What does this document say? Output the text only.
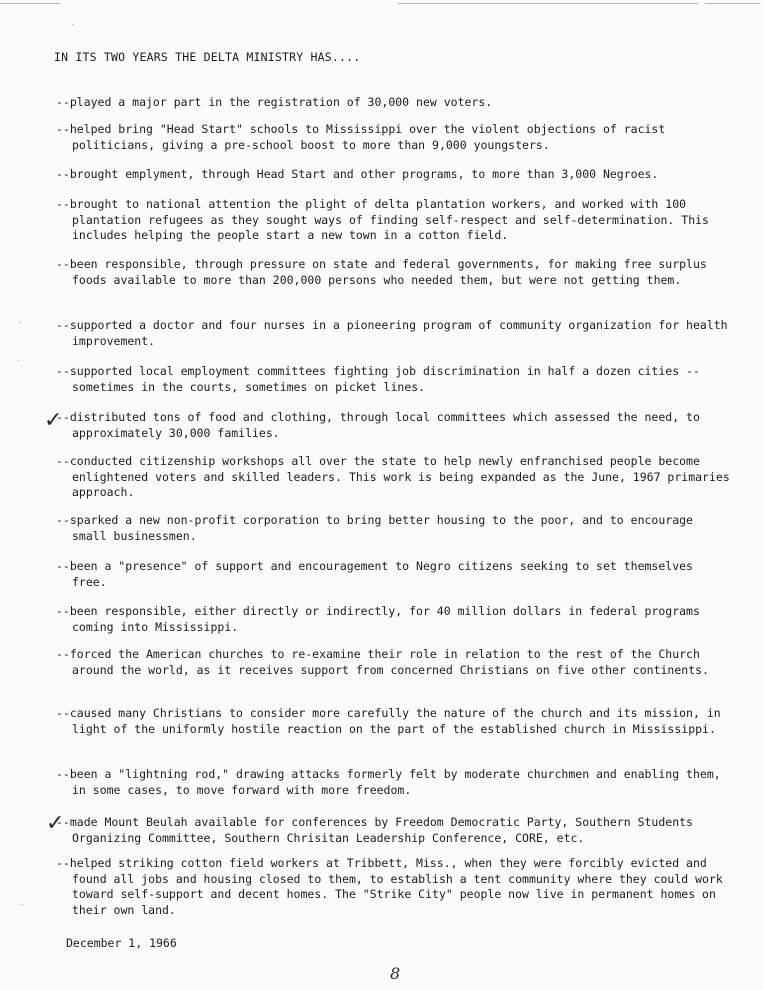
IN ITS TWO YEARS THE DELTA MINISTRY HAS....
--played a major part in the registration of 30,000 new voters.
--helped bring "Head Start" schools to Mississippi over the violent objections of racist politicians, giving a pre-school boost to more than 9,000 youngsters.
--brought emplyment, through Head Start and other programs, to more than 3,000 Negroes.
--brought to national attention the plight of delta plantation workers, and worked with 100 plantation refugees as they sought ways of finding self-respect and self-determination. This includes helping the people start a new town in a cotton field.
--been responsible, through pressure on state and federal governments, for making free surplus foods available to more than 200,000 persons who needed them, but were not getting them.
--supported a doctor and four nurses in a pioneering program of community organization for health improvement.
--supported local employment committees fighting job discrimination in half a dozen cities -- sometimes in the courts, sometimes on picket lines.
--distributed tons of food and clothing, through local committees which assessed the need, to approximately 30,000 families.
--conducted citizenship workshops all over the state to help newly enfranchised people become enlightened voters and skilled leaders. This work is being expanded as the June, 1967 primaries approach.
--sparked a new non-profit corporation to bring better housing to the poor, and to encourage small businessmen.
--been a "presence" of support and encouragement to Negro citizens seeking to set themselves free.
--been responsible, either directly or indirectly, for 40 million dollars in federal programs coming into Mississippi.
--forced the American churches to re-examine their role in relation to the rest of the Church around the world, as it receives support from concerned Christians on five other continents.
--caused many Christians to consider more carefully the nature of the church and its mission, in light of the uniformly hostile reaction on the part of the established church in Mississippi.
--been a "lightning rod," drawing attacks formerly felt by moderate churchmen and enabling them, in some cases, to move forward with more freedom.
--made Mount Beulah available for conferences by Freedom Democratic Party, Southern Students Organizing Committee, Southern Chrisitan Leadership Conference, CORE, etc.
--helped striking cotton field workers at Tribbett, Miss., when they were forcibly evicted and found all jobs and housing closed to them, to establish a tent community where they could work toward self-support and decent homes. The "Strike City" people now live in permanent homes on their own land.
✓
✓
December 1, 1966
8
·
·
·
·
